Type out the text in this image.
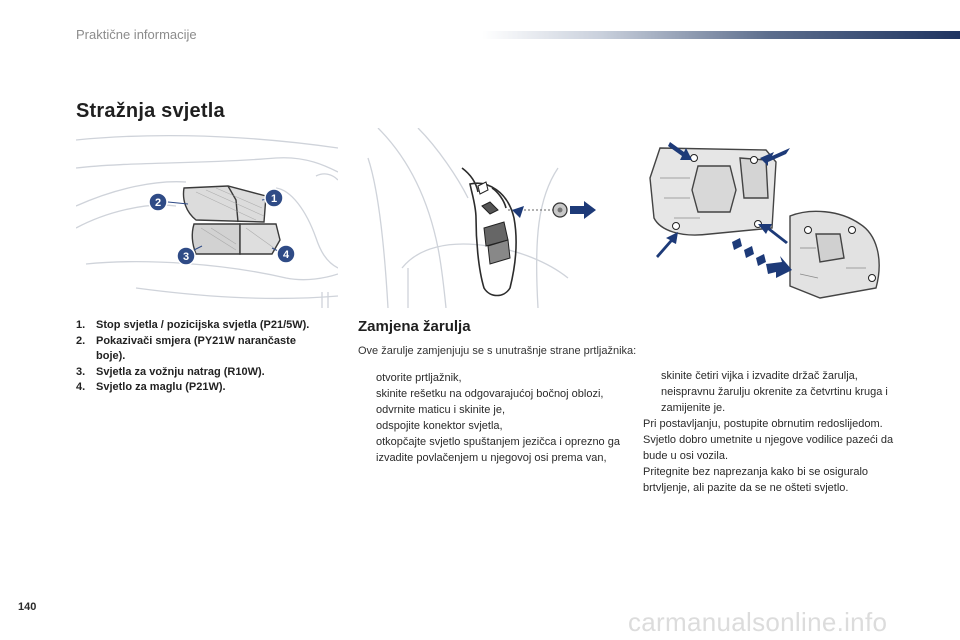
Praktične informacije
Stražnja svjetla
1
2
3	4
1. Stop svjetla / pozicijska svjetla (P21/5W).
2. Pokazivači smjera (PY21W narančaste boje).
3. Svjetla za vožnju natrag (R10W).
4. Svjetlo za maglu (P21W).
Zamjena žarulja
Ove žarulje zamjenjuju se s unutrašnje strane prtljažnika:
otvorite prtljažnik,
skinite rešetku na odgovarajućoj bočnoj oblozi,
odvrnite maticu i skinite je,
odspojite konektor svjetla,
otkopčajte svjetlo spuštanjem jezičca i oprezno ga izvadite povlačenjem u njegovoj osi prema van,
skinite četiri vijka i izvadite držač žarulja,
neispravnu žarulju okrenite za četvrtinu kruga i zamijenite je.

Pri postavljanju, postupite obrnutim redoslijedom.

Svjetlo dobro umetnite u njegove vodilice pazeći da bude u osi vozila.

Pritegnite bez naprezanja kako bi se osiguralo brtvljenje, ali pazite da se ne ošteti svjetlo.

140	carmanualsonline.info
